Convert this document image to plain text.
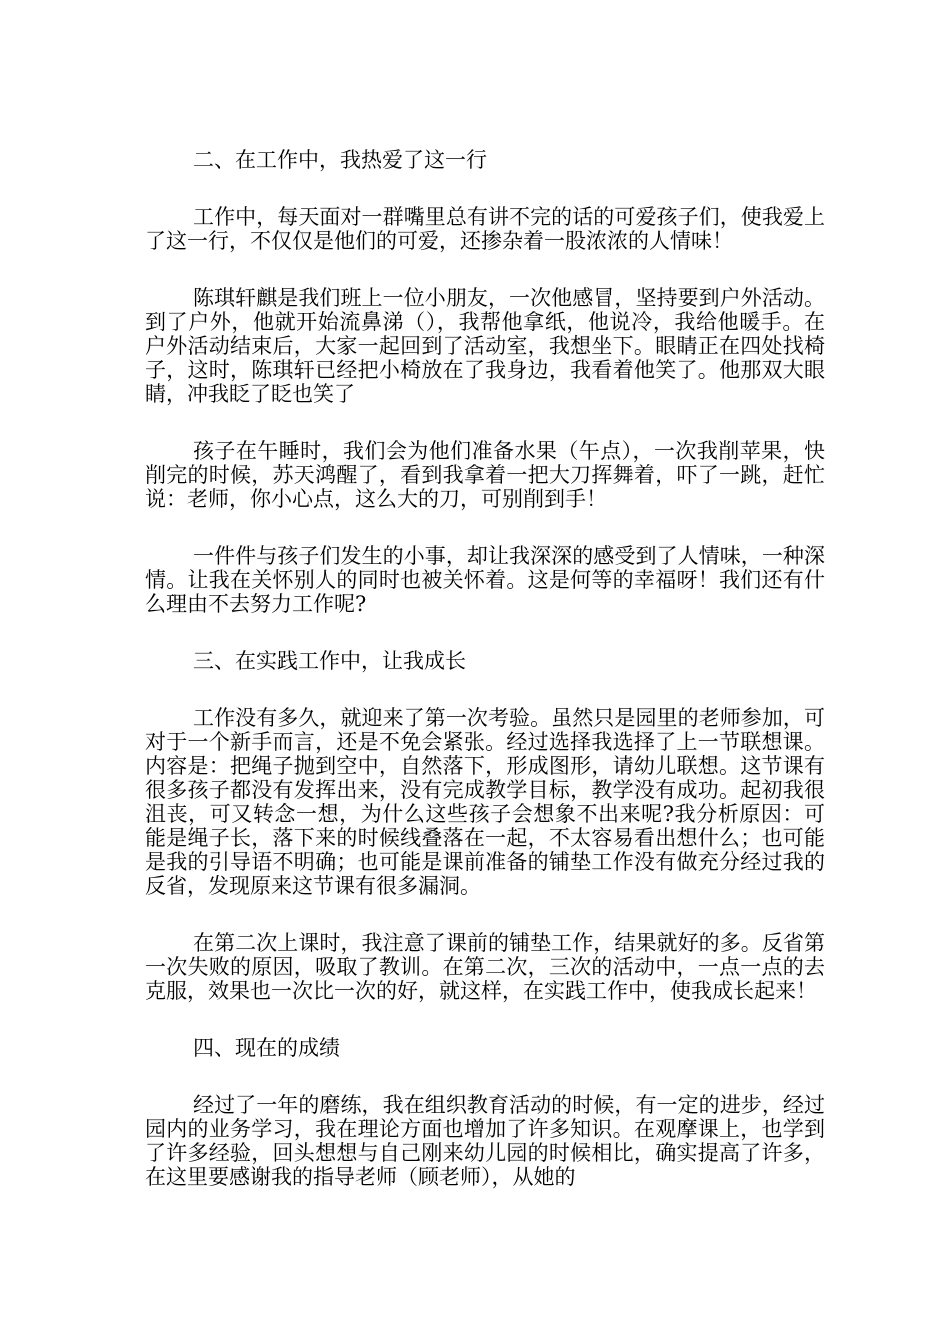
二、在工作中，我热爱了这一行

工作中，每天面对一群嘴里总有讲不完的话的可爱孩子们，使我爱上了这一行，不仅仅是他们的可爱，还掺杂着一股浓浓的人情味！

陈琪轩麒是我们班上一位小朋友，一次他感冒，坚持要到户外活动。到了户外，他就开始流鼻涕（），我帮他拿纸，他说冷，我给他暖手。在户外活动结束后，大家一起回到了活动室，我想坐下。眼睛正在四处找椅子，这时，陈琪轩已经把小椅放在了我身边，我看着他笑了。他那双大眼睛，冲我眨了眨也笑了

孩子在午睡时，我们会为他们准备水果（午点），一次我削苹果，快削完的时候，苏天鸿醒了，看到我拿着一把大刀挥舞着，吓了一跳，赶忙说：老师，你小心点，这么大的刀，可别削到手！

一件件与孩子们发生的小事，却让我深深的感受到了人情味，一种深情。让我在关怀别人的同时也被关怀着。这是何等的幸福呀！我们还有什么理由不去努力工作呢?

三、在实践工作中，让我成长

工作没有多久，就迎来了第一次考验。虽然只是园里的老师参加，可对于一个新手而言，还是不免会紧张。经过选择我选择了上一节联想课。内容是：把绳子抛到空中，自然落下，形成图形，请幼儿联想。这节课有很多孩子都没有发挥出来，没有完成教学目标，教学没有成功。起初我很沮丧，可又转念一想，为什么这些孩子会想象不出来呢?我分析原因：可能是绳子长，落下来的时候线叠落在一起，不太容易看出想什么；也可能是我的引导语不明确；也可能是课前准备的铺垫工作没有做充分经过我的反省，发现原来这节课有很多漏洞。

在第二次上课时，我注意了课前的铺垫工作，结果就好的多。反省第一次失败的原因，吸取了教训。在第二次，三次的活动中，一点一点的去克服，效果也一次比一次的好，就这样，在实践工作中，使我成长起来！

四、现在的成绩

经过了一年的磨练，我在组织教育活动的时候，有一定的进步，经过园内的业务学习，我在理论方面也增加了许多知识。在观摩课上，也学到了许多经验，回头想想与自己刚来幼儿园的时候相比，确实提高了许多，在这里要感谢我的指导老师（顾老师），从她的
